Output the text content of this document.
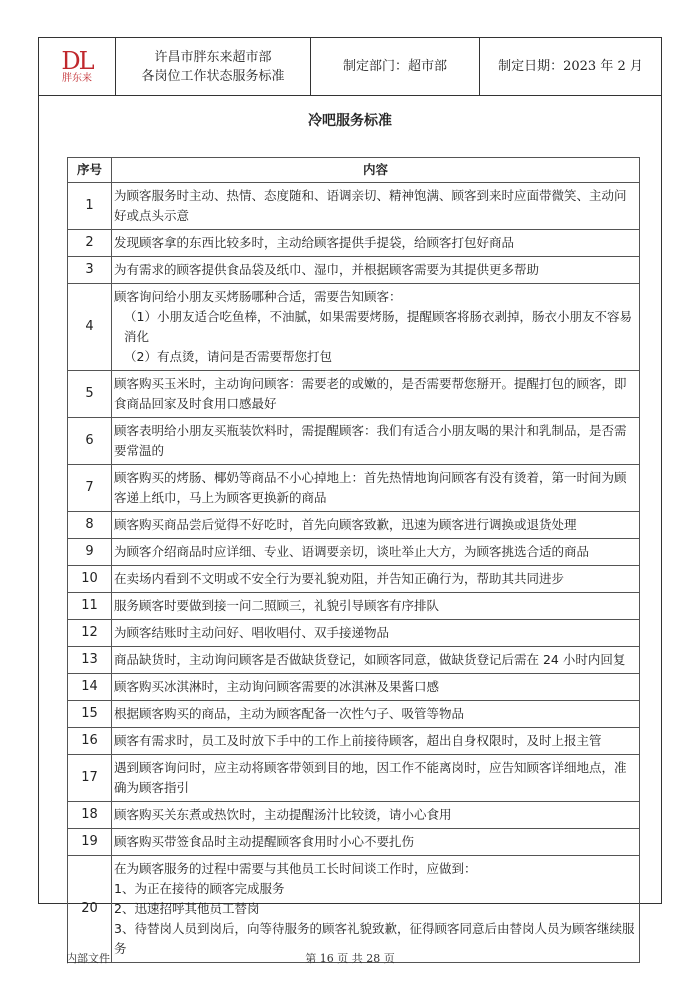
DL
胖东来

许昌市胖东来超市部
各岗位工作状态服务标准
	制定部门：超市部	制定日期：2023 年 2 月
冷吧服务标准
序号	内容
1	为顾客服务时主动、热情、态度随和、语调亲切、精神饱满、顾客到来时应面带微笑、主动问好或点头示意

2	发现顾客拿的东西比较多时，主动给顾客提供手提袋，给顾客打包好商品

3	为有需求的顾客提供食品袋及纸巾、湿巾，并根据顾客需要为其提供更多帮助

4	顾客询问给小朋友买烤肠哪种合适，需要告知顾客：
（1）小朋友适合吃鱼棒，不油腻，如果需要烤肠，提醒顾客将肠衣剥掉，肠衣小朋友不容易消化
（2）有点烫，请问是否需要帮您打包

5	顾客购买玉米时，主动询问顾客：需要老的或嫩的，是否需要帮您掰开。提醒打包的顾客，即食商品回家及时食用口感最好

6	顾客表明给小朋友买瓶装饮料时，需提醒顾客：我们有适合小朋友喝的果汁和乳制品，是否需要常温的

7	顾客购买的烤肠、椰奶等商品不小心掉地上：首先热情地询问顾客有没有烫着，第一时间为顾客递上纸巾，马上为顾客更换新的商品

8	顾客购买商品尝后觉得不好吃时，首先向顾客致歉，迅速为顾客进行调换或退货处理

9	为顾客介绍商品时应详细、专业、语调要亲切，谈吐举止大方，为顾客挑选合适的商品

10	在卖场内看到不文明或不安全行为要礼貌劝阻，并告知正确行为，帮助其共同进步

11	服务顾客时要做到接一问二照顾三，礼貌引导顾客有序排队

12	为顾客结账时主动问好、唱收唱付、双手接递物品

13	商品缺货时，主动询问顾客是否做缺货登记，如顾客同意，做缺货登记后需在 24 小时内回复

14	顾客购买冰淇淋时，主动询问顾客需要的冰淇淋及果酱口感

15	根据顾客购买的商品，主动为顾客配备一次性勺子、吸管等物品

16	顾客有需求时，员工及时放下手中的工作上前接待顾客，超出自身权限时，及时上报主管

17	遇到顾客询问时，应主动将顾客带领到目的地，因工作不能离岗时，应告知顾客详细地点，准确为顾客指引

18	顾客购买关东煮或热饮时，主动提醒汤汁比较烫，请小心食用

19	顾客购买带签食品时主动提醒顾客食用时小心不要扎伤

20	在为顾客服务的过程中需要与其他员工长时间谈工作时，应做到：
1、为正在接待的顾客完成服务
2、迅速招呼其他员工替岗
3、待替岗人员到岗后，向等待服务的顾客礼貌致歉，征得顾客同意后由替岗人员为顾客继续服务
内部文件	第 16 页 共 28 页
